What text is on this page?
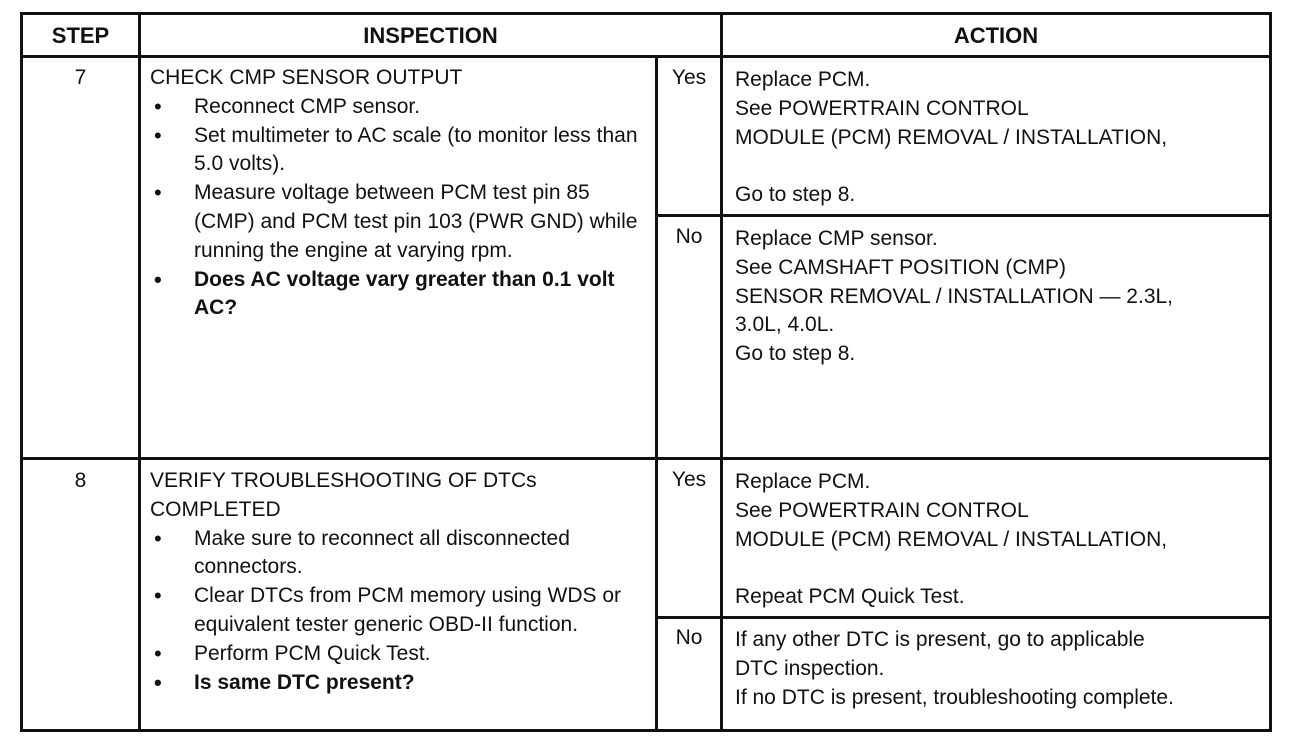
STEP	INSPECTION	ACTION
7	CHECK CMP SENSOR OUTPUT
• Reconnect CMP sensor.
• Set multimeter to AC scale (to monitor less than 5.0 volts).
• Measure voltage between PCM test pin 85 (CMP) and PCM test pin 103 (PWR GND) while running the engine at varying rpm.
• Does AC voltage vary greater than 0.1 volt AC?
Yes	Replace PCM.
See POWERTRAIN CONTROL
MODULE (PCM) REMOVAL / INSTALLATION,
Go to step 8.
No	Replace CMP sensor.
See CAMSHAFT POSITION (CMP)
SENSOR REMOVAL / INSTALLATION — 2.3L,
3.0L, 4.0L.
Go to step 8.
8	VERIFY TROUBLESHOOTING OF DTCs COMPLETED
• Make sure to reconnect all disconnected connectors.
• Clear DTCs from PCM memory using WDS or equivalent tester generic OBD-II function.
• Perform PCM Quick Test.
• Is same DTC present?
Yes	Replace PCM.
See POWERTRAIN CONTROL
MODULE (PCM) REMOVAL / INSTALLATION,
Repeat PCM Quick Test.
No	If any other DTC is present, go to applicable
DTC inspection.
If no DTC is present, troubleshooting complete.
